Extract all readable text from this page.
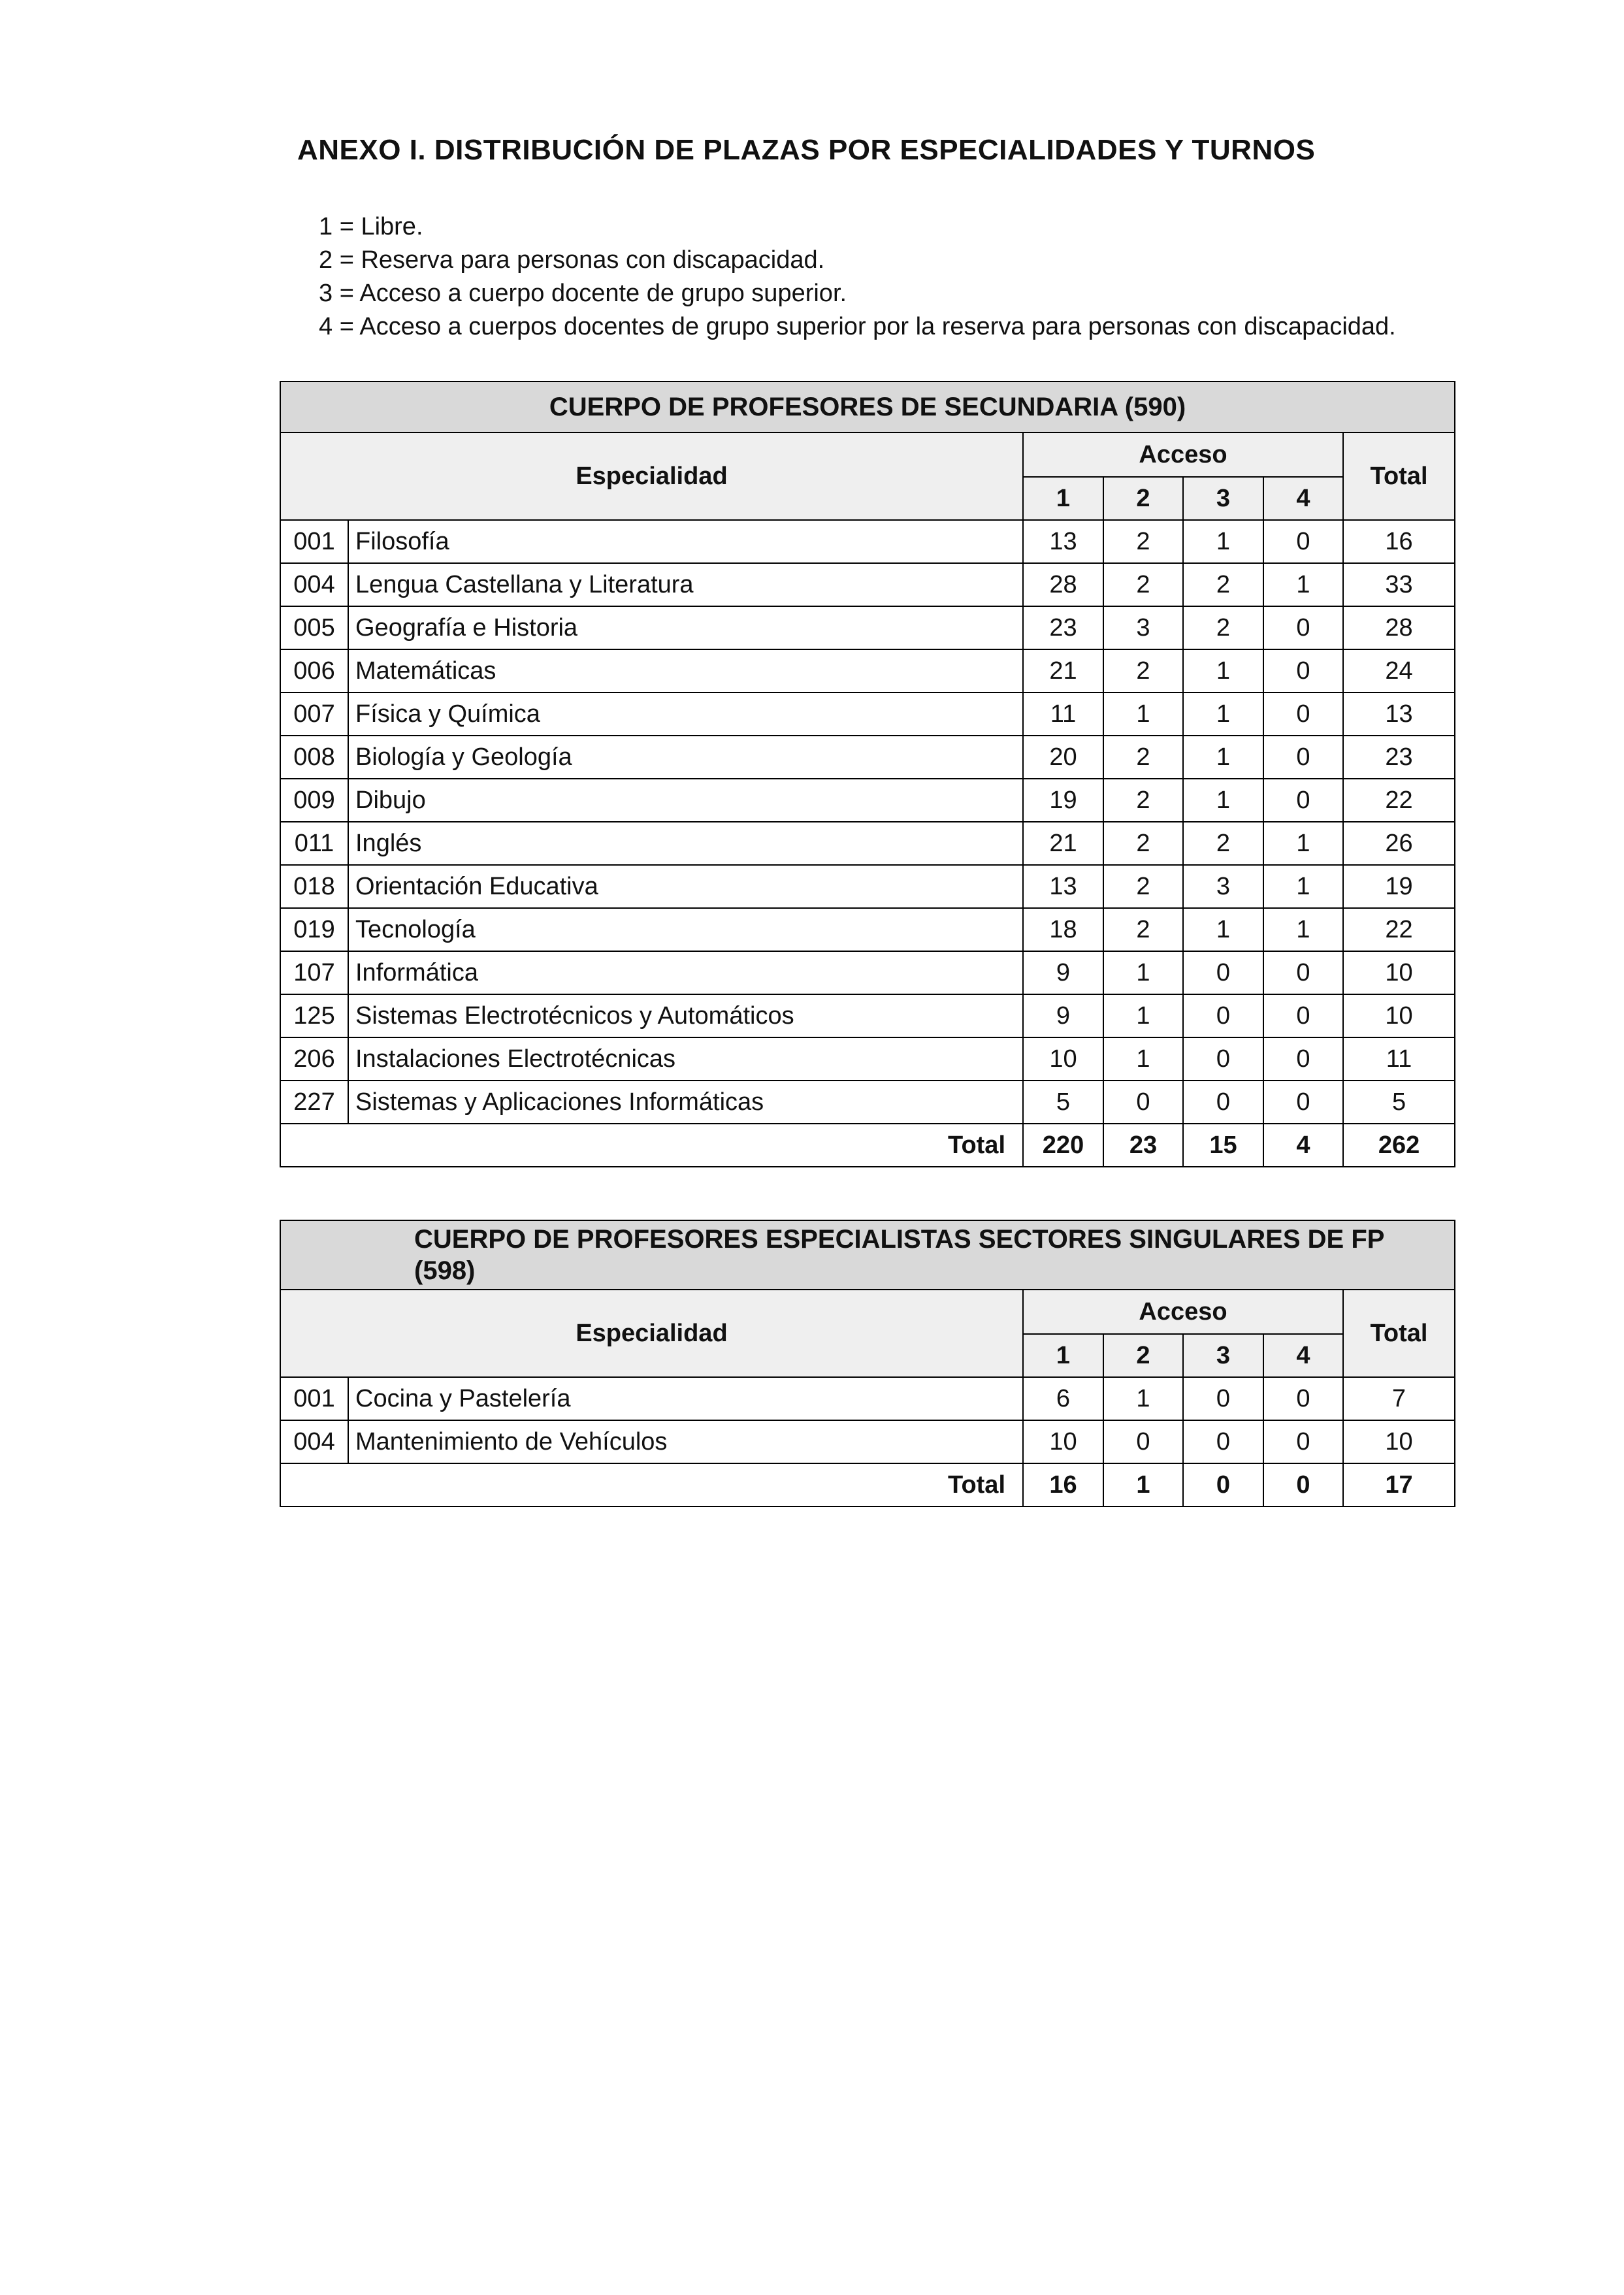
ANEXO I. DISTRIBUCIÓN DE PLAZAS POR ESPECIALIDADES Y TURNOS
1 = Libre.
2 = Reserva para personas con discapacidad.
3 = Acceso a cuerpo docente de grupo superior.
4 = Acceso a cuerpos docentes de grupo superior por la reserva para personas con discapacidad.
CUERPO DE PROFESORES DE SECUNDARIA (590)						
Especialidad		Acceso				Total
		1	2	3	4	
001	Filosofía	13	2	1	0	16
004	Lengua Castellana y Literatura	28	2	2	1	33
005	Geografía e Historia	23	3	2	0	28
006	Matemáticas	21	2	1	0	24
007	Física y Química	11	1	1	0	13
008	Biología y Geología	20	2	1	0	23
009	Dibujo	19	2	1	0	22
011	Inglés	21	2	2	1	26
018	Orientación Educativa	13	2	3	1	19
019	Tecnología	18	2	1	1	22
107	Informática	9	1	0	0	10
125	Sistemas Electrotécnicos y Automáticos	9	1	0	0	10
206	Instalaciones Electrotécnicas	10	1	0	0	11
227	Sistemas y Aplicaciones Informáticas	5	0	0	0	5
Total		220	23	15	4	262
CUERPO DE PROFESORES ESPECIALISTAS SECTORES SINGULARES DE FP
(598)						

Especialidad		Acceso				Total
		1	2	3	4	
001	Cocina y Pastelería	6	1	0	0	7
004	Mantenimiento de Vehículos	10	0	0	0	10
Total		16	1	0	0	17
